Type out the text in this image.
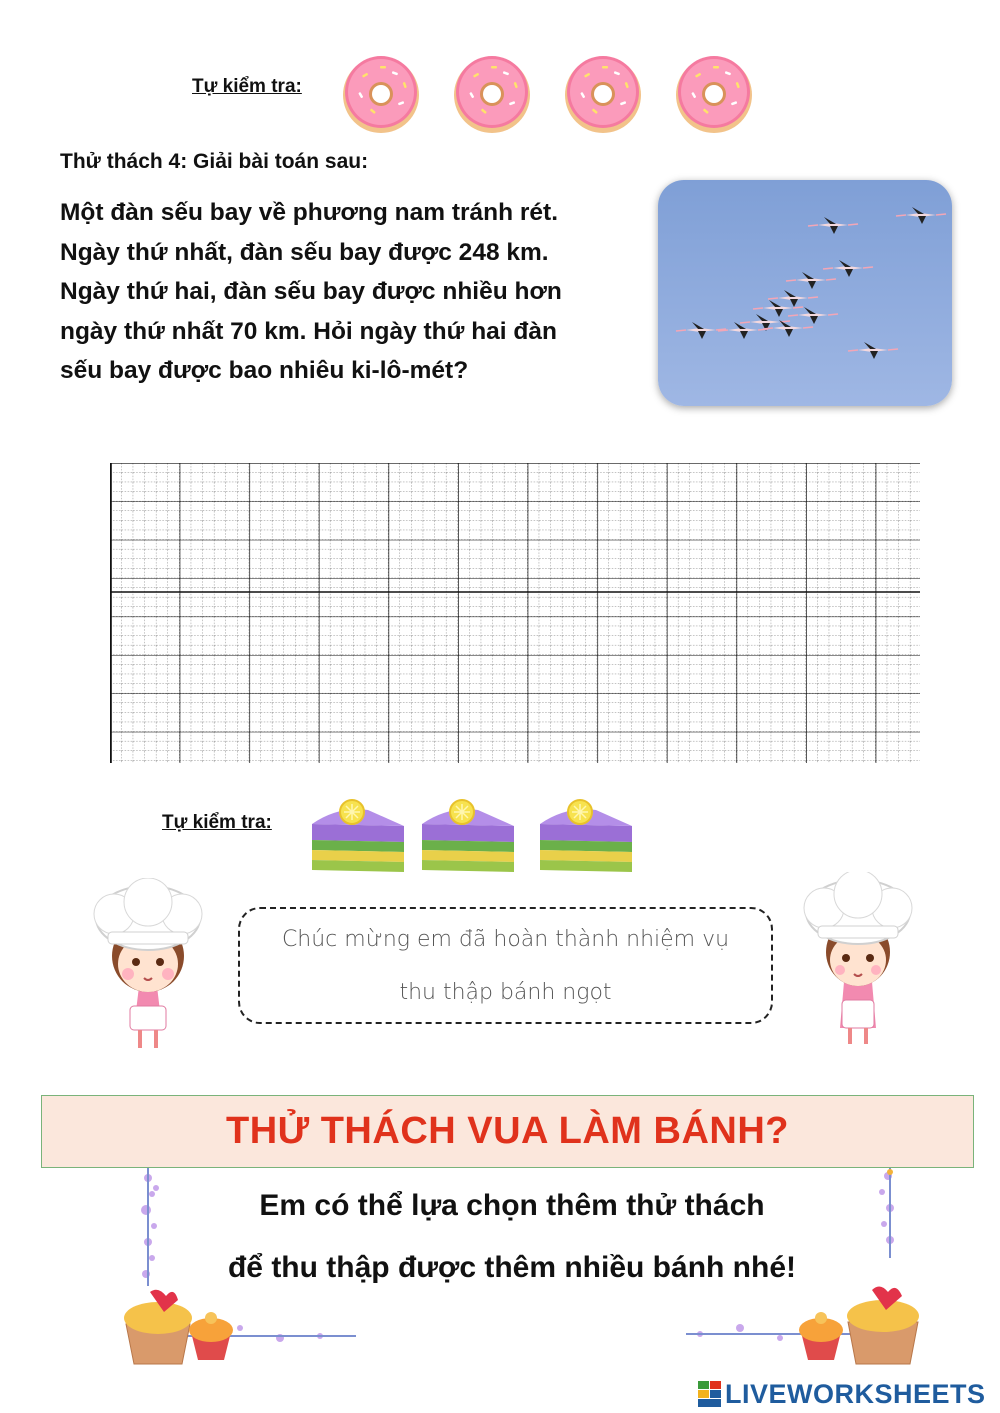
Tự kiểm tra:
Thử thách 4: Giải bài toán sau:
Một đàn sếu bay về phương nam tránh rét.
Ngày thứ nhất, đàn sếu bay được 248 km.
Ngày thứ hai, đàn sếu bay được nhiều hơn
ngày thứ nhất 70 km. Hỏi ngày thứ hai đàn
sếu bay được bao nhiêu ki-lô-mét?
Tự kiểm tra:
Chúc mừng em đã hoàn thành nhiệm vụ
thu thập bánh ngọt
THỬ THÁCH VUA LÀM BÁNH?
Em có thể lựa chọn thêm thử thách
để thu thập được thêm nhiều bánh nhé!
LIVEWORKSHEETS
